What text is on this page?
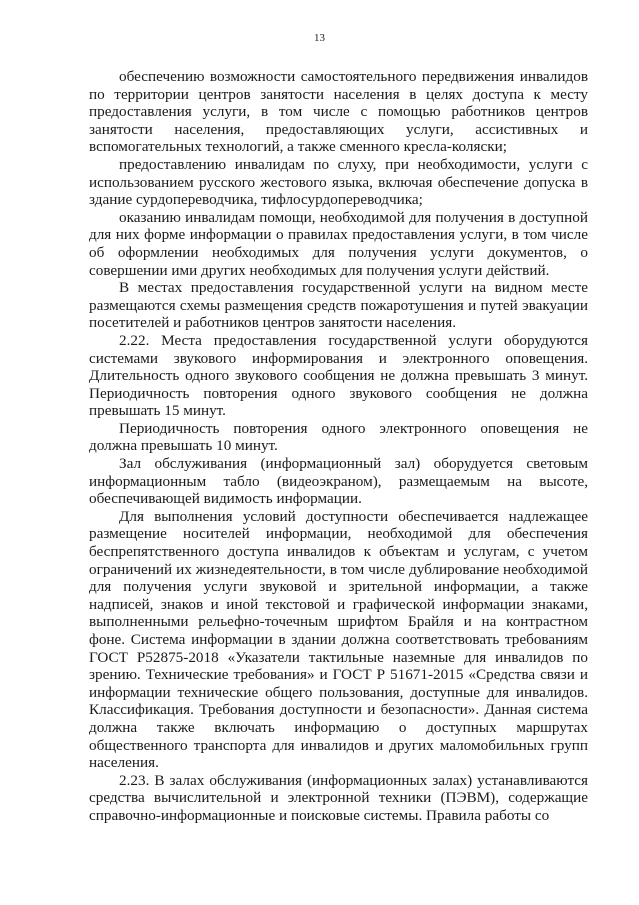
13

обеспечению возможности самостоятельного передвижения инвалидов по территории центров занятости населения в целях доступа к месту предоставления услуги, в том числе с помощью работников центров занятости населения, предоставляющих услуги, ассистивных и вспомогательных технологий, а также сменного кресла-коляски;

предоставлению инвалидам по слуху, при необходимости, услуги с использованием русского жестового языка, включая обеспечение допуска в здание сурдопереводчика, тифлосурдопереводчика;

оказанию инвалидам помощи, необходимой для получения в доступной для них форме информации о правилах предоставления услуги, в том числе об оформлении необходимых для получения услуги документов, о совершении ими других необходимых для получения услуги действий.

В местах предоставления государственной услуги на видном месте размещаются схемы размещения средств пожаротушения и путей эвакуации посетителей и работников центров занятости населения.

2.22. Места предоставления государственной услуги оборудуются системами звукового информирования и электронного оповещения. Длительность одного звукового сообщения не должна превышать 3 минут. Периодичность повторения одного звукового сообщения не должна превышать 15 минут.

Периодичность повторения одного электронного оповещения не должна превышать 10 минут.

Зал обслуживания (информационный зал) оборудуется световым информационным табло (видеоэкраном), размещаемым на высоте, обеспечивающей видимость информации.

Для выполнения условий доступности обеспечивается надлежащее размещение носителей информации, необходимой для обеспечения беспрепятственного доступа инвалидов к объектам и услугам, с учетом ограничений их жизнедеятельности, в том числе дублирование необходимой для получения услуги звуковой и зрительной информации, а также надписей, знаков и иной текстовой и графической информации знаками, выполненными рельефно-точечным шрифтом Брайля и на контрастном фоне. Система информации в здании должна соответствовать требованиям ГОСТ Р52875-2018 «Указатели тактильные наземные для инвалидов по зрению. Технические требования» и ГОСТ Р 51671-2015 «Средства связи и информации технические общего пользования, доступные для инвалидов. Классификация. Требования доступности и безопасности». Данная система должна также включать информацию о доступных маршрутах общественного транспорта для инвалидов и других маломобильных групп населения.

2.23. В залах обслуживания (информационных залах) устанавливаются средства вычислительной и электронной техники (ПЭВМ), содержащие справочно-информационные и поисковые системы. Правила работы со
